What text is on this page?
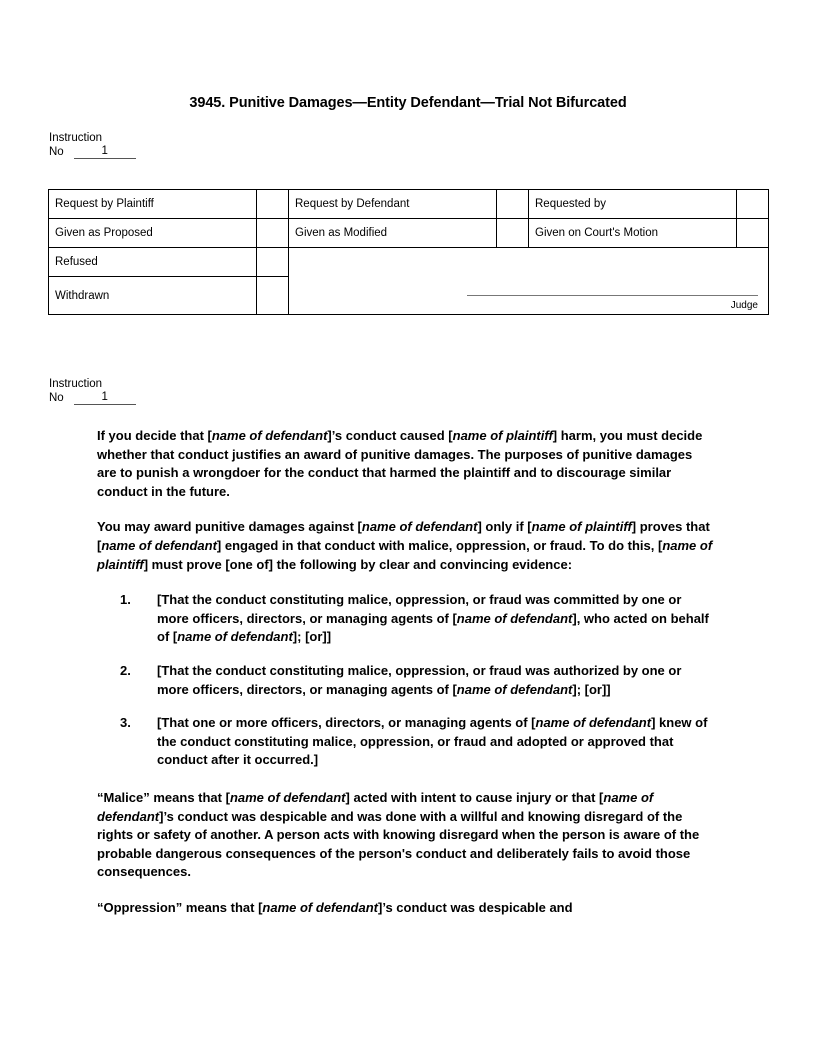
3945. Punitive Damages—Entity Defendant—Trial Not Bifurcated
Instruction
No	1
Request by Plaintiff		Request by Defendant		Requested by	
Given as Proposed		Given as Modified		Given on Court's Motion	
Refused		Judge			

Withdrawn					
Instruction
No	1

If you decide that [name of defendant]’s conduct caused [name of plaintiff] harm, you must decide whether that conduct justifies an award of punitive damages. The purposes of punitive damages are to punish a wrongdoer for the conduct that harmed the plaintiff and to discourage similar conduct in the future.

You may award punitive damages against [name of defendant] only if [name of plaintiff] proves that [name of defendant] engaged in that conduct with malice, oppression, or fraud. To do this, [name of plaintiff] must prove [one of] the following by clear and convincing evidence:

1. [That the conduct constituting malice, oppression, or fraud was committed by one or more officers, directors, or managing agents of [name of defendant], who acted on behalf of [name of defendant]; [or]]
2. [That the conduct constituting malice, oppression, or fraud was authorized by one or more officers, directors, or managing agents of [name of defendant]; [or]]
3. [That one or more officers, directors, or managing agents of [name of defendant] knew of the conduct constituting malice, oppression, or fraud and adopted or approved that conduct after it occurred.]

“Malice” means that [name of defendant] acted with intent to cause injury or that [name of defendant]’s conduct was despicable and was done with a willful and knowing disregard of the rights or safety of another. A person acts with knowing disregard when the person is aware of the probable dangerous consequences of the person's conduct and deliberately fails to avoid those consequences.

“Oppression” means that [name of defendant]’s conduct was despicable and
